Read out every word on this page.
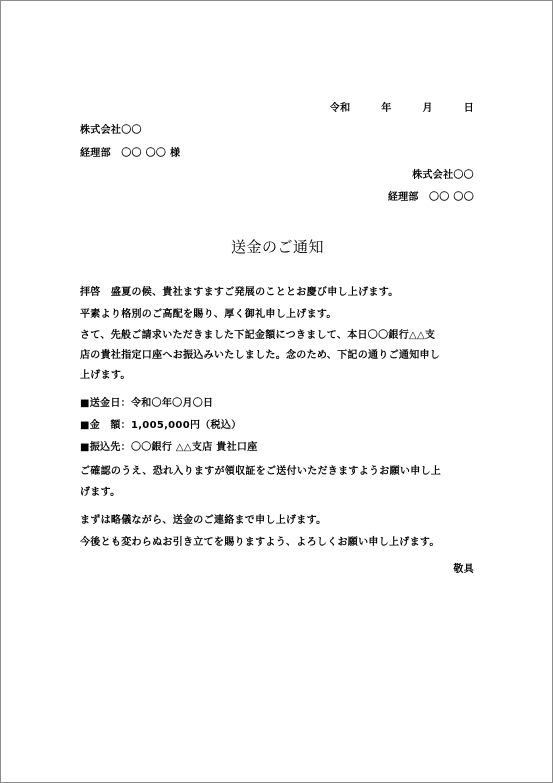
令和　　　年　　　月　　　日
株式会社〇〇
経理部　〇〇 〇〇 様
株式会社〇〇
経理部　〇〇 〇〇
送金のご通知
拝啓　盛夏の候、貴社ますますご発展のこととお慶び申し上げます。
平素より格別のご高配を賜り、厚く御礼申し上げます。
さて、先般ご請求いただきました下記金額につきまして、本日〇〇銀行△△支
店の貴社指定口座へお振込みいたしました。念のため、下記の通りご通知申し
上げます。
■送金日：令和〇年〇月〇日
■金　額：1,005,000円（税込）
■振込先：〇〇銀行 △△支店 貴社口座
ご確認のうえ、恐れ入りますが領収証をご送付いただきますようお願い申し上
げます。
まずは略儀ながら、送金のご連絡まで申し上げます。
今後とも変わらぬお引き立てを賜りますよう、よろしくお願い申し上げます。
敬具
